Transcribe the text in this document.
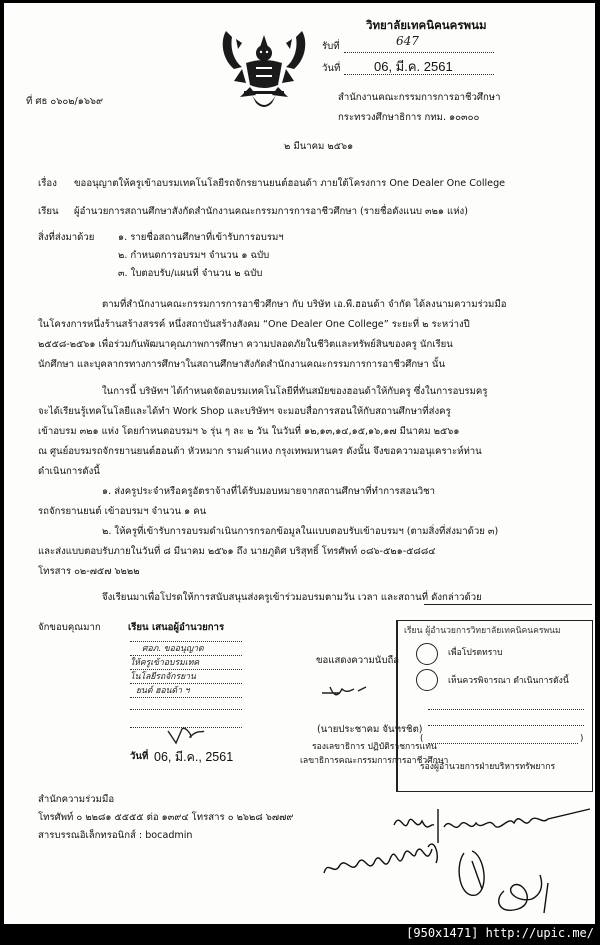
วิทยาลัยเทคนิคนครพนม
รับที่	647
วันที่	06, มี.ค. 2561
ที่ ศธ ๐๖๐๒/๑๖๖๙	สำนักงานคณะกรรมการการอาชีวศึกษา
กระทรวงศึกษาธิการ กทม. ๑๐๓๐๐
๒ มีนาคม ๒๕๖๑
เรื่อง ขออนุญาตให้ครูเข้าอบรมเทคโนโลยีรถจักรยานยนต์ฮอนด้า ภายใต้โครงการ One Dealer One College
เรียน ผู้อำนวยการสถานศึกษาสังกัดสำนักงานคณะกรรมการการอาชีวศึกษา (รายชื่อดังแนบ ๓๒๑ แห่ง)
สิ่งที่ส่งมาด้วย ๑. รายชื่อสถานศึกษาที่เข้ารับการอบรมฯ
๒. กำหนดการอบรมฯ จำนวน ๑ ฉบับ
๓. ใบตอบรับ/แผนที่ จำนวน ๒ ฉบับ
ตามที่สำนักงานคณะกรรมการการอาชีวศึกษา กับ บริษัท เอ.พี.ฮอนด้า จำกัด ได้ลงนามความร่วมมือ
ในโครงการหนึ่งร้านสร้างสรรค์ หนึ่งสถาบันสร้างสังคม “One Dealer One College” ระยะที่ ๒ ระหว่างปี
๒๕๕๘-๒๕๖๑ เพื่อร่วมกันพัฒนาคุณภาพการศึกษา ความปลอดภัยในชีวิตและทรัพย์สินของครู นักเรียน
นักศึกษา และบุคลากรทางการศึกษาในสถานศึกษาสังกัดสำนักงานคณะกรรมการการอาชีวศึกษา นั้น
ในการนี้ บริษัทฯ ได้กำหนดจัดอบรมเทคโนโลยีที่ทันสมัยของฮอนด้าให้กับครู ซึ่งในการอบรมครู
จะได้เรียนรู้เทคโนโลยีและได้ทำ Work Shop และบริษัทฯ จะมอบสื่อการสอนให้กับสถานศึกษาที่ส่งครู
เข้าอบรม ๓๒๑ แห่ง โดยกำหนดอบรมฯ ๖ รุ่น ๆ ละ ๒ วัน ในวันที่ ๑๒,๑๓,๑๔,๑๕,๑๖,๑๗ มีนาคม ๒๕๖๑
ณ ศูนย์อบรมรถจักรยานยนต์ฮอนด้า หัวหมาก รามคำแหง กรุงเทพมหานคร ดังนั้น จึงขอความอนุเคราะห์ท่าน
ดำเนินการดังนี้
๑. ส่งครูประจำหรือครูอัตราจ้างที่ได้รับมอบหมายจากสถานศึกษาที่ทำการสอนวิชา
รถจักรยานยนต์ เข้าอบรมฯ จำนวน ๑ คน
๒. ให้ครูที่เข้ารับการอบรมดำเนินการกรอกข้อมูลในแบบตอบรับเข้าอบรมฯ (ตามสิ่งที่ส่งมาด้วย ๓)
และส่งแบบตอบรับภายในวันที่ ๘ มีนาคม ๒๕๖๑ ถึง นายภูดิศ บริสุทธิ์ โทรศัพท์ ๐๘๖-๕๒๑-๕๘๘๔
โทรสาร ๐๒-๗๕๗ ๖๒๒๒
จึงเรียนมาเพื่อโปรดให้การสนับสนุนส่งครูเข้าร่วมอบรมตามวัน เวลา และสถานที่ ดังกล่าวด้วย
จักขอบคุณมาก	เรียน เสนอผู้อำนวยการ
ศอภ. ขออนุญาต
ให้ครูเข้าอบรมเทค
โนโลยีรถจักรยาน
ยนต์ ฮอนด้า ฯ
วันที่ 06, มี.ค., 2561
ขอแสดงความนับถือ
(นายประชาคม จันทรชิต)
รองเลขาธิการ ปฏิบัติราชการแทน
เลขาธิการคณะกรรมการการอาชีวศึกษา
เรียน ผู้อำนวยการวิทยาลัยเทคนิคนครพนม
เพื่อโปรดทราบ
เห็นควรพิจารณา ดำเนินการดังนี้
(	)
รองผู้อำนวยการฝ่ายบริหารทรัพยากร
สำนักความร่วมมือ
โทรศัพท์ ๐ ๒๒๘๑ ๕๕๕๕ ต่อ ๑๓๙๔ โทรสาร ๐ ๒๖๒๘ ๖๗๗๙
สารบรรณอิเล็กทรอนิกส์ : bocadmin
[950x1471] http://upic.me/
